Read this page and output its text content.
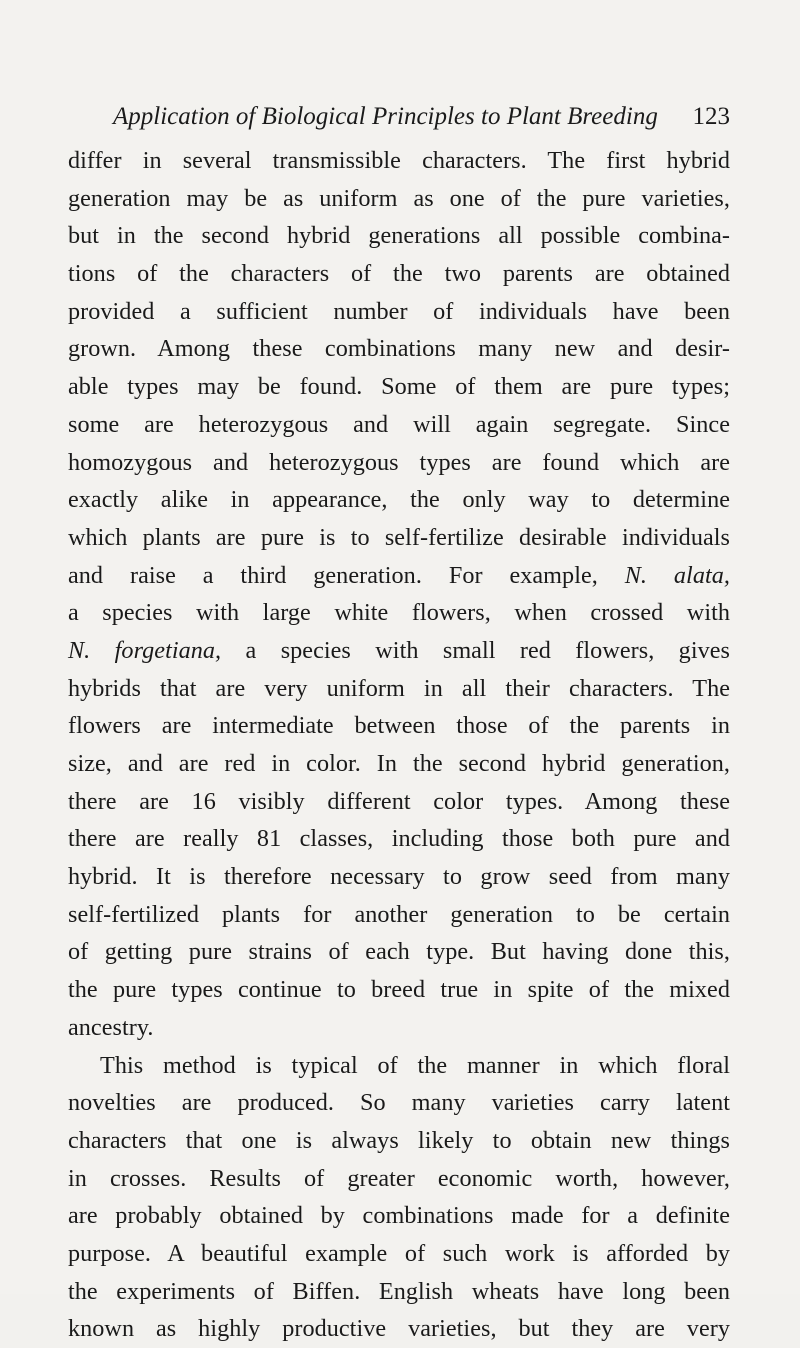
Application of Biological Principles to Plant Breeding 123
differ in several transmissible characters. The first hybrid
generation may be as uniform as one of the pure varieties,
but in the second hybrid generations all possible combina-
tions of the characters of the two parents are obtained
provided a sufficient number of individuals have been
grown. Among these combinations many new and desir-
able types may be found. Some of them are pure types;
some are heterozygous and will again segregate. Since
homozygous and heterozygous types are found which are
exactly alike in appearance, the only way to determine
which plants are pure is to self-fertilize desirable individuals
and raise a third generation. For example, N. alata,
a species with large white flowers, when crossed with
N. forgetiana, a species with small red flowers, gives
hybrids that are very uniform in all their characters. The
flowers are intermediate between those of the parents in
size, and are red in color. In the second hybrid generation,
there are 16 visibly different color types. Among these
there are really 81 classes, including those both pure and
hybrid. It is therefore necessary to grow seed from many
self-fertilized plants for another generation to be certain
of getting pure strains of each type. But having done this,
the pure types continue to breed true in spite of the mixed
ancestry.
This method is typical of the manner in which floral
novelties are produced. So many varieties carry latent
characters that one is always likely to obtain new things
in crosses. Results of greater economic worth, however,
are probably obtained by combinations made for a definite
purpose. A beautiful example of such work is afforded by
the experiments of Biffen. English wheats have long been
known as highly productive varieties, but they are very
